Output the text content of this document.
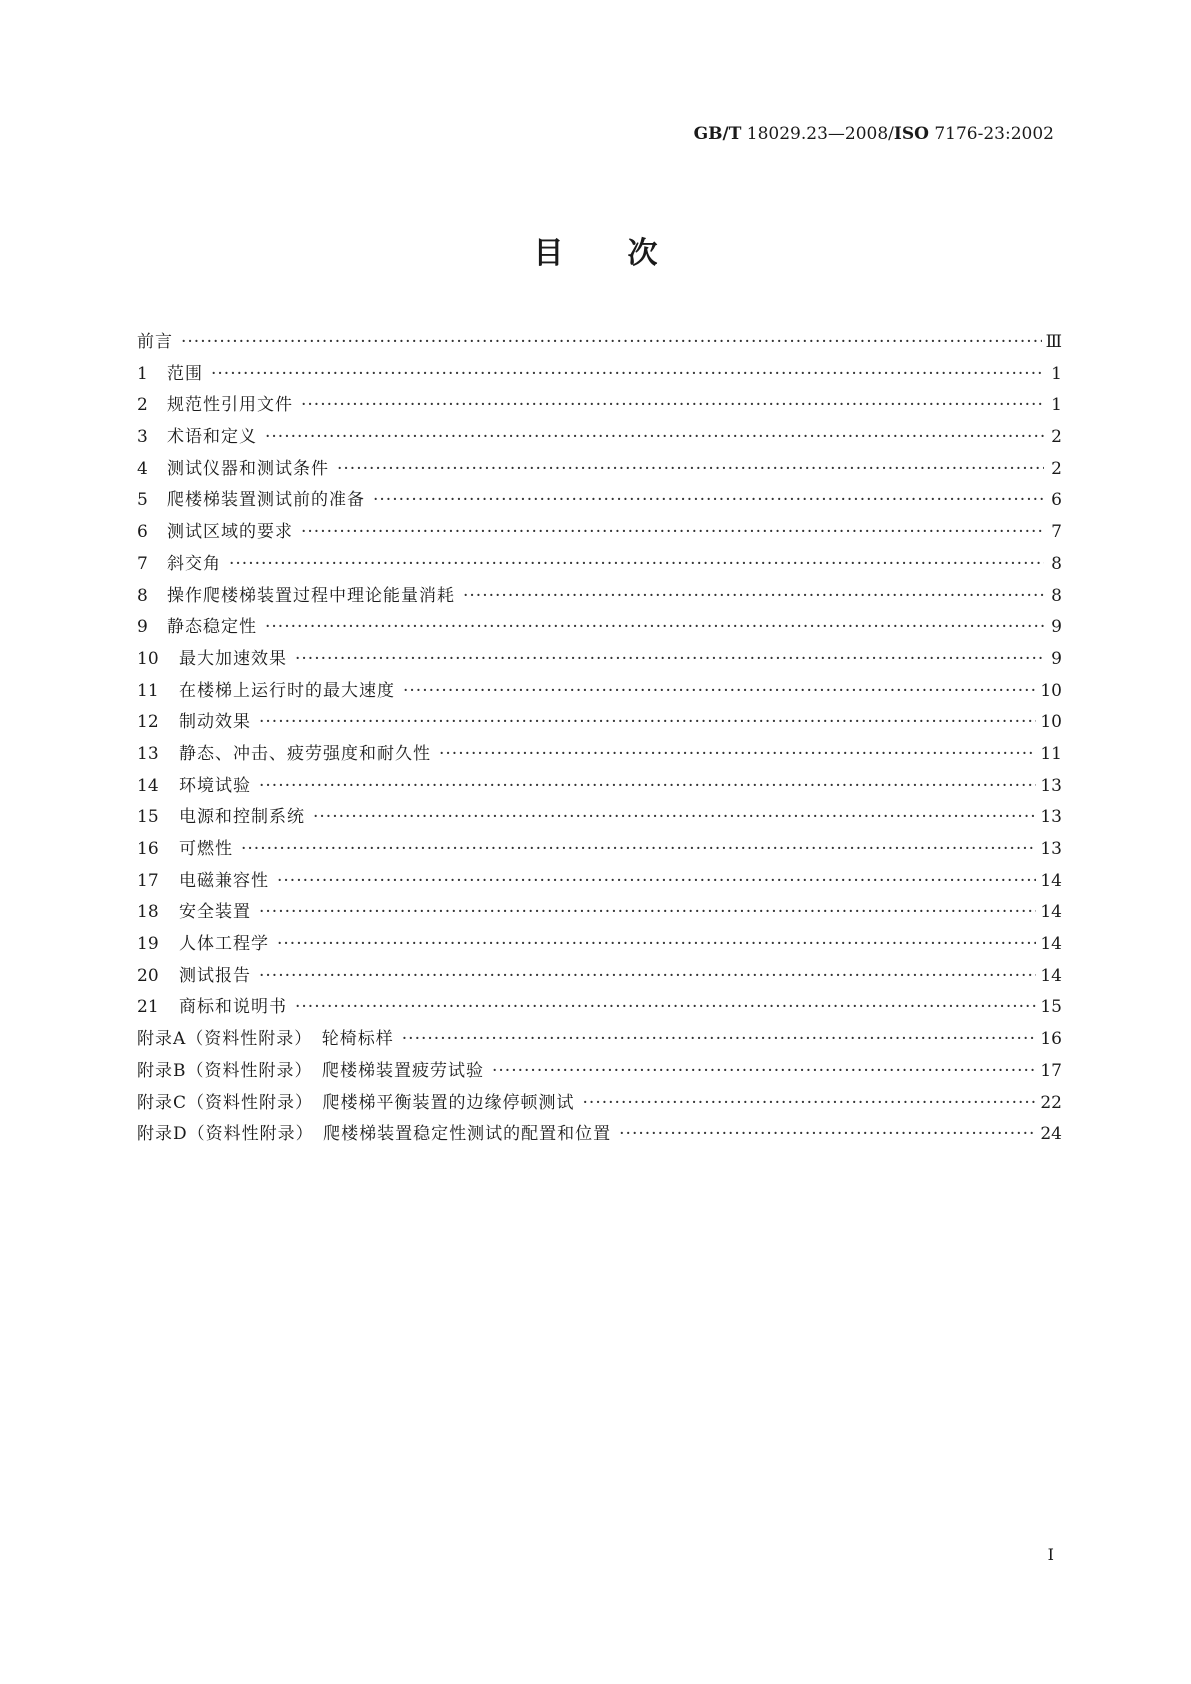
GB/T 18029.23—2008/ISO 7176-23:2002
目次
前言 ·····	Ⅲ
1	范围 ·····	1
2	规范性引用文件 ·····	1
3	术语和定义 ·····	2
4	测试仪器和测试条件 ·····	2
5	爬楼梯装置测试前的准备 ·····	6
6	测试区域的要求 ·····	7
7	斜交角 ·····	8
8	操作爬楼梯装置过程中理论能量消耗 ·····	8
9	静态稳定性 ·····	9
10	最大加速效果 ·····	9
11	在楼梯上运行时的最大速度 ·····	10
12	制动效果 ·····	10
13	静态、冲击、疲劳强度和耐久性 ·····	11
14	环境试验 ·····	13
15	电源和控制系统 ·····	13
16	可燃性 ·····	13
17	电磁兼容性 ·····	14
18	安全装置 ·····	14
19	人体工程学 ·····	14
20	测试报告 ·····	14
21	商标和说明书 ·····	15
附录A（资料性附录）　轮椅标样 ·····	16
附录B（资料性附录）　爬楼梯装置疲劳试验 ·····	17
附录C（资料性附录）　爬楼梯平衡装置的边缘停顿测试 ·····	22
附录D（资料性附录）　爬楼梯装置稳定性测试的配置和位置 ·····	24
I
